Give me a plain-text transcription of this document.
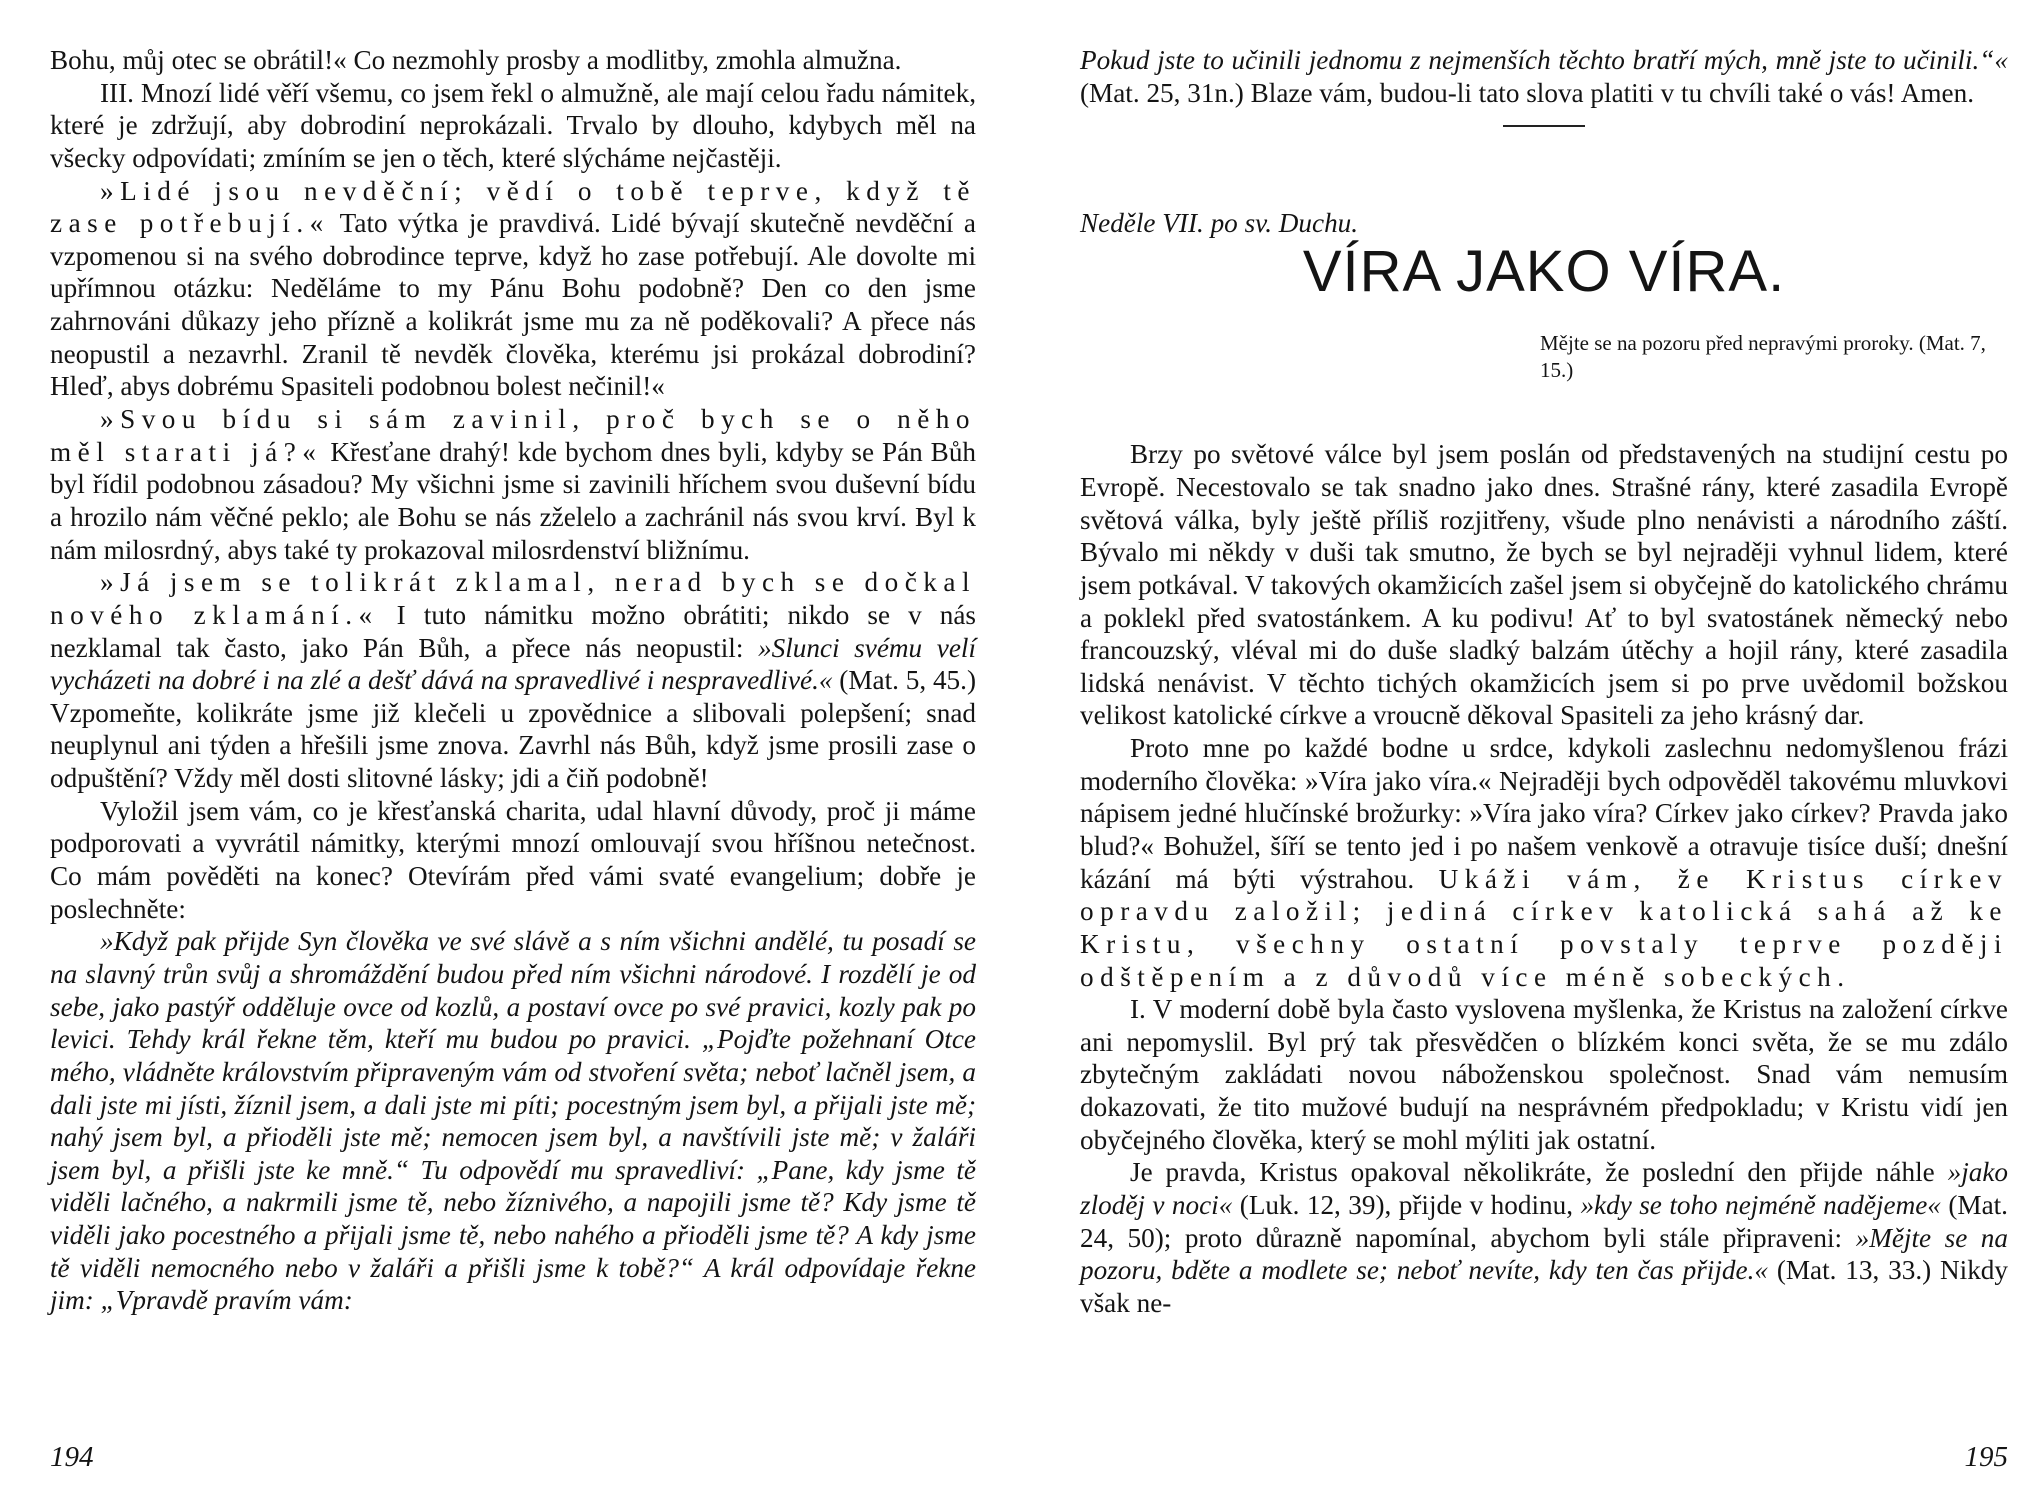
Bohu, můj otec se obrátil!« Co nezmohly prosby a modlitby, zmohla almužna.

III. Mnozí lidé věří všemu, co jsem řekl o almužně, ale mají celou řadu námitek, které je zdržují, aby dobrodiní neprokázali. Trvalo by dlouho, kdybych měl na všecky odpovídati; zmíním se jen o těch, které slýcháme nejčastěji.

»Lidé jsou nevděční; vědí o tobě teprve, když tě zase potřebují.« Tato výtka je pravdivá. Lidé bývají skutečně nevděční a vzpomenou si na svého dobrodince teprve, když ho zase potřebují. Ale dovolte mi upřímnou otázku: Neděláme to my Pánu Bohu podobně? Den co den jsme zahrnováni důkazy jeho přízně a kolikrát jsme mu za ně poděkovali? A přece nás neopustil a nezavrhl. Zranil tě nevděk člověka, kterému jsi prokázal dobrodiní? Hleď, abys dobrému Spasiteli podobnou bolest nečinil!«

»Svou bídu si sám zavinil, proč bych se o něho měl starati já?« Křesťane drahý! kde bychom dnes byli, kdyby se Pán Bůh byl řídil podobnou zásadou? My všichni jsme si zavinili hříchem svou duševní bídu a hrozilo nám věčné peklo; ale Bohu se nás zželelo a zachránil nás svou krví. Byl k nám milosrdný, abys také ty prokazoval milosrdenství bližnímu.

»Já jsem se tolikrát zklamal, nerad bych se dočkal nového zklamání.« I tuto námitku možno obrátiti; nikdo se v nás nezklamal tak často, jako Pán Bůh, a přece nás neopustil: »Slunci svému velí vycházeti na dobré i na zlé a dešť dává na spravedlivé i nespravedlivé.« (Mat. 5, 45.) Vzpomeňte, kolikráte jsme již klečeli u zpovědnice a slibovali polepšení; snad neuplynul ani týden a hřešili jsme znova. Zavrhl nás Bůh, když jsme prosili zase o odpuštění? Vždy měl dosti slitovné lásky; jdi a čiň podobně!

Vyložil jsem vám, co je křesťanská charita, udal hlavní důvody, proč ji máme podporovati a vyvrátil námitky, kterými mnozí omlouvají svou hříšnou netečnost. Co mám pověděti na konec? Otevírám před vámi svaté evangelium; dobře je poslechněte:

»Když pak přijde Syn člověka ve své slávě a s ním všichni andělé, tu posadí se na slavný trůn svůj a shromáždění budou před ním všichni národové. I rozdělí je od sebe, jako pastýř odděluje ovce od kozlů, a postaví ovce po své pravici, kozly pak po levici. Tehdy král řekne těm, kteří mu budou po pravici. „Pojďte požehnaní Otce mého, vládněte královstvím připraveným vám od stvoření světa; neboť lačněl jsem, a dali jste mi jísti, žíznil jsem, a dali jste mi píti; pocestným jsem byl, a přijali jste mě; nahý jsem byl, a přioděli jste mě; nemocen jsem byl, a navštívili jste mě; v žaláři jsem byl, a přišli jste ke mně.“ Tu odpovědí mu spravedliví: „Pane, kdy jsme tě viděli lačného, a nakrmili jsme tě, nebo žíznivého, a napojili jsme tě? Kdy jsme tě viděli jako pocestného a přijali jsme tě, nebo nahého a přioděli jsme tě? A kdy jsme tě viděli nemocného nebo v žaláři a přišli jsme k tobě?“ A král odpovídaje řekne jim: „Vpravdě pravím vám:

194

Pokud jste to učinili jednomu z nejmenších těchto bratří mých, mně jste to učinili.“« (Mat. 25, 31n.) Blaze vám, budou-li tato slova platiti v tu chvíli také o vás! Amen.

Neděle VII. po sv. Duchu.

VÍRA JAKO VÍRA.

Mějte se na pozoru před nepravými proroky. (Mat. 7, 15.)

Brzy po světové válce byl jsem poslán od představených na studijní cestu po Evropě. Necestovalo se tak snadno jako dnes. Strašné rány, které zasadila Evropě světová válka, byly ještě příliš rozjitřeny, všude plno nenávisti a národního záští. Bývalo mi někdy v duši tak smutno, že bych se byl nejraději vyhnul lidem, které jsem potkával. V takových okamžicích zašel jsem si obyčejně do katolického chrámu a poklekl před svatostánkem. A ku podivu! Ať to byl svatostánek německý nebo francouzský, vléval mi do duše sladký balzám útěchy a hojil rány, které zasadila lidská nenávist. V těchto tichých okamžicích jsem si po prve uvědomil božskou velikost katolické církve a vroucně děkoval Spasiteli za jeho krásný dar.

Proto mne po každé bodne u srdce, kdykoli zaslechnu nedomyšlenou frázi moderního člověka: »Víra jako víra.« Nejraději bych odpověděl takovému mluvkovi nápisem jedné hlučínské brožurky: »Víra jako víra? Církev jako církev? Pravda jako blud?« Bohužel, šíří se tento jed i po našem venkově a otravuje tisíce duší; dnešní kázání má býti výstrahou. Ukáži vám, že Kristus církev opravdu založil; jediná církev katolická sahá až ke Kristu, všechny ostatní povstaly teprve později odštěpením a z důvodů více méně sobeckých.

I. V moderní době byla často vyslovena myšlenka, že Kristus na založení církve ani nepomyslil. Byl prý tak přesvědčen o blízkém konci světa, že se mu zdálo zbytečným zakládati novou náboženskou společnost. Snad vám nemusím dokazovati, že tito mužové budují na nesprávném předpokladu; v Kristu vidí jen obyčejného člověka, který se mohl mýliti jak ostatní.

Je pravda, Kristus opakoval několikráte, že poslední den přijde náhle »jako zloděj v noci« (Luk. 12, 39), přijde v hodinu, »kdy se toho nejméně nadějeme« (Mat. 24, 50); proto důrazně napomínal, abychom byli stále připraveni: »Mějte se na pozoru, bděte a modlete se; neboť nevíte, kdy ten čas přijde.« (Mat. 13, 33.) Nikdy však ne-

195
